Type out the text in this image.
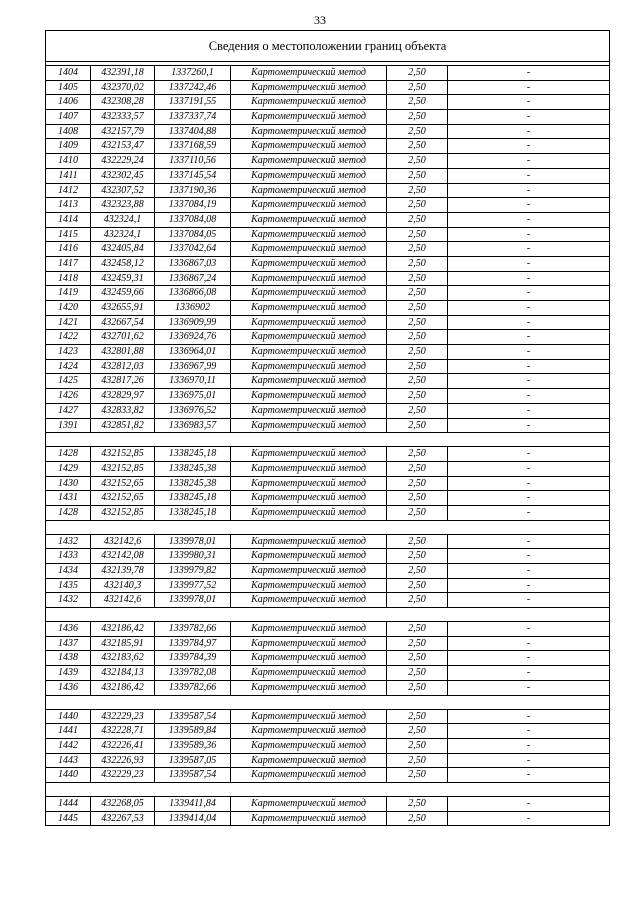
33
Сведения о местоположении границ объекта
1404	432391,18	1337260,1	Картометрический метод	2,50	-
1405	432370,02	1337242,46	Картометрический метод	2,50	-
1406	432308,28	1337191,55	Картометрический метод	2,50	-
1407	432333,57	1337337,74	Картометрический метод	2,50	-
1408	432157,79	1337404,88	Картометрический метод	2,50	-
1409	432153,47	1337168,59	Картометрический метод	2,50	-
1410	432229,24	1337110,56	Картометрический метод	2,50	-
1411	432302,45	1337145,54	Картометрический метод	2,50	-
1412	432307,52	1337190,36	Картометрический метод	2,50	-
1413	432323,88	1337084,19	Картометрический метод	2,50	-
1414	432324,1	1337084,08	Картометрический метод	2,50	-
1415	432324,1	1337084,05	Картометрический метод	2,50	-
1416	432405,84	1337042,64	Картометрический метод	2,50	-
1417	432458,12	1336867,03	Картометрический метод	2,50	-
1418	432459,31	1336867,24	Картометрический метод	2,50	-
1419	432459,66	1336866,08	Картометрический метод	2,50	-
1420	432655,91	1336902	Картометрический метод	2,50	-
1421	432667,54	1336909,99	Картометрический метод	2,50	-
1422	432701,62	1336924,76	Картометрический метод	2,50	-
1423	432801,88	1336964,01	Картометрический метод	2,50	-
1424	432812,03	1336967,99	Картометрический метод	2,50	-
1425	432817,26	1336970,11	Картометрический метод	2,50	-
1426	432829,97	1336975,01	Картометрический метод	2,50	-
1427	432833,82	1336976,52	Картометрический метод	2,50	-
1391	432851,82	1336983,57	Картометрический метод	2,50	-
1428	432152,85	1338245,18	Картометрический метод	2,50	-
1429	432152,85	1338245,38	Картометрический метод	2,50	-
1430	432152,65	1338245,38	Картометрический метод	2,50	-
1431	432152,65	1338245,18	Картометрический метод	2,50	-
1428	432152,85	1338245,18	Картометрический метод	2,50	-
1432	432142,6	1339978,01	Картометрический метод	2,50	-
1433	432142,08	1339980,31	Картометрический метод	2,50	-
1434	432139,78	1339979,82	Картометрический метод	2,50	-
1435	432140,3	1339977,52	Картометрический метод	2,50	-
1432	432142,6	1339978,01	Картометрический метод	2,50	-
1436	432186,42	1339782,66	Картометрический метод	2,50	-
1437	432185,91	1339784,97	Картометрический метод	2,50	-
1438	432183,62	1339784,39	Картометрический метод	2,50	-
1439	432184,13	1339782,08	Картометрический метод	2,50	-
1436	432186,42	1339782,66	Картометрический метод	2,50	-
1440	432229,23	1339587,54	Картометрический метод	2,50	-
1441	432228,71	1339589,84	Картометрический метод	2,50	-
1442	432226,41	1339589,36	Картометрический метод	2,50	-
1443	432226,93	1339587,05	Картометрический метод	2,50	-
1440	432229,23	1339587,54	Картометрический метод	2,50	-
1444	432268,05	1339411,84	Картометрический метод	2,50	-
1445	432267,53	1339414,04	Картометрический метод	2,50	-
